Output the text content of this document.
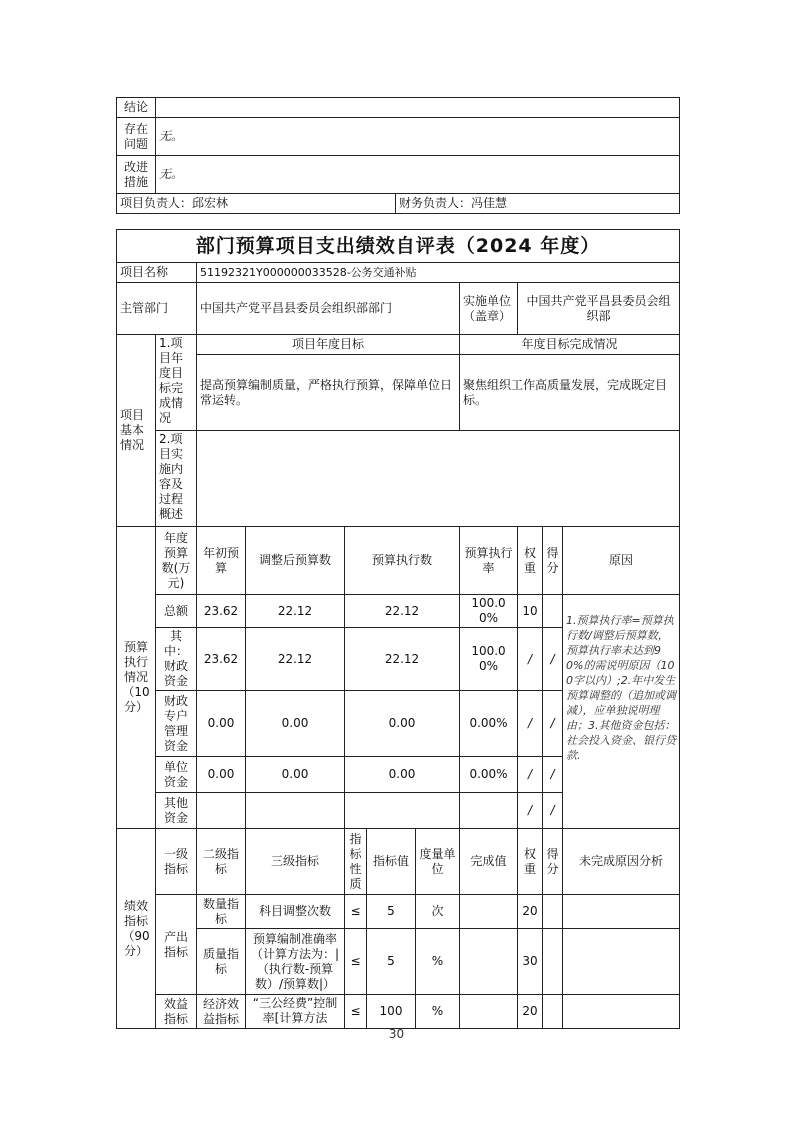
结论		
存在问题	无。	
改进措施	无。	
项目负责人：邱宏林		财务负责人：冯佳慧
部门预算项目支出绩效自评表（2024 年度）										
项目名称		51192321Y000000033528-公务交通补贴								
主管部门		中国共产党平昌县委员会组织部部门					实施单位（盖章）	中国共产党平昌县委员会组织部		
项目基本情况	1.项目年度目标完成情况	项目年度目标					年度目标完成情况			
		提高预算编制质量，严格执行预算，保障单位日常运转。					聚焦组织工作高质量发展，完成既定目标。			
	2.项目实施内容及过程概述									
预算执行情况（10分）	年度预算数(万元)	年初预算	调整后预算数	预算执行数			预算执行率	权重	得分	原因
	总额	23.62	22.12	22.12			100.00%	10		1.预算执行率=预算执行数/调整后预算数，预算执行率未达到90%的需说明原因（100字以内）;2.年中发生预算调整的（追加或调减），应单独说明理由；3.其他资金包括：社会投入资金、银行贷款.
	其中：财政资金	23.62	22.12	22.12			100.00%	/	/	
	财政专户管理资金	0.00	0.00	0.00			0.00%	/	/	
	单位资金	0.00	0.00	0.00			0.00%	/	/	
	其他资金							/	/	
绩效指标（90分）	一级指标	二级指标	三级指标	指标性质	指标值	度量单位	完成值	权重	得分	未完成原因分析
	产出指标	数量指标	科目调整次数	≤	5	次		20		
		质量指标	预算编制准确率（计算方法为：|（执行数-预算数）/预算数|）	≤	5	%		30		
	效益指标	经济效益指标	“三公经费”控制率[计算方法	≤	100	%		20		
30
